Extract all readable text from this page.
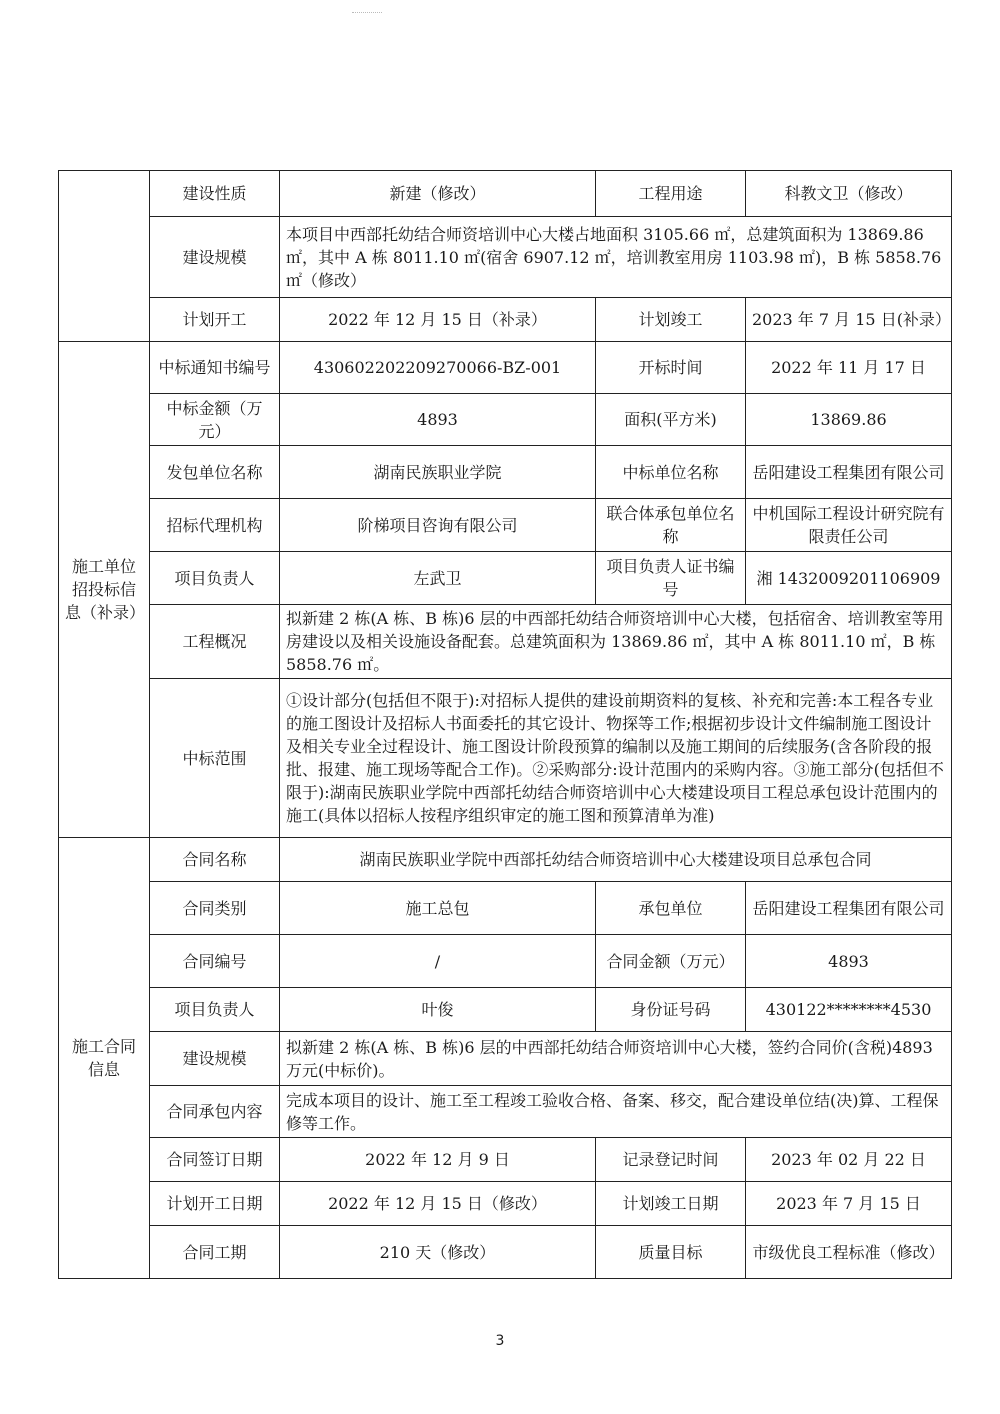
	建设性质	新建（修改）	工程用途	科教文卫（修改）
	建设规模	本项目中西部托幼结合师资培训中心大楼占地面积 3105.66 ㎡，总建筑面积为 13869.86 ㎡，其中 A 栋 8011.10 ㎡(宿舍 6907.12 ㎡，培训教室用房 1103.98 ㎡)，B 栋 5858.76 ㎡（修改）		
	计划开工	2022 年 12 月 15 日（补录）	计划竣工	2023 年 7 月 15 日(补录）
施工单位招投标信息（补录）	中标通知书编号	430602202209270066-BZ-001	开标时间	2022 年 11 月 17 日
	中标金额（万元）	4893	面积(平方米)	13869.86
	发包单位名称	湖南民族职业学院	中标单位名称	岳阳建设工程集团有限公司
	招标代理机构	阶梯项目咨询有限公司	联合体承包单位名称	中机国际工程设计研究院有限责任公司
	项目负责人	左武卫	项目负责人证书编号	湘 1432009201106909
	工程概况	拟新建 2 栋(A 栋、B 栋)6 层的中西部托幼结合师资培训中心大楼，包括宿舍、培训教室等用房建设以及相关设施设备配套。总建筑面积为 13869.86 ㎡，其中 A 栋 8011.10 ㎡，B 栋 5858.76 ㎡。		
	中标范围	①设计部分(包括但不限于):对招标人提供的建设前期资料的复核、补充和完善:本工程各专业的施工图设计及招标人书面委托的其它设计、物探等工作;根据初步设计文件编制施工图设计及相关专业全过程设计、施工图设计阶段预算的编制以及施工期间的后续服务(含各阶段的报批、报建、施工现场等配合工作)。②采购部分:设计范围内的采购内容。③施工部分(包括但不限于):湖南民族职业学院中西部托幼结合师资培训中心大楼建设项目工程总承包设计范围内的施工(具体以招标人按程序组织审定的施工图和预算清单为准)		
施工合同信息	合同名称	湖南民族职业学院中西部托幼结合师资培训中心大楼建设项目总承包合同		
	合同类别	施工总包	承包单位	岳阳建设工程集团有限公司
	合同编号	/	合同金额（万元）	4893
	项目负责人	叶俊	身份证号码	430122********4530
	建设规模	拟新建 2 栋(A 栋、B 栋)6 层的中西部托幼结合师资培训中心大楼，签约合同价(含税)4893 万元(中标价)。		
	合同承包内容	完成本项目的设计、施工至工程竣工验收合格、备案、移交，配合建设单位结(决)算、工程保修等工作。		
	合同签订日期	2022 年 12 月 9 日	记录登记时间	2023 年 02 月 22 日
	计划开工日期	2022 年 12 月 15 日（修改）	计划竣工日期	2023 年 7 月 15 日
	合同工期	210 天（修改）	质量目标	市级优良工程标准（修改）
3
